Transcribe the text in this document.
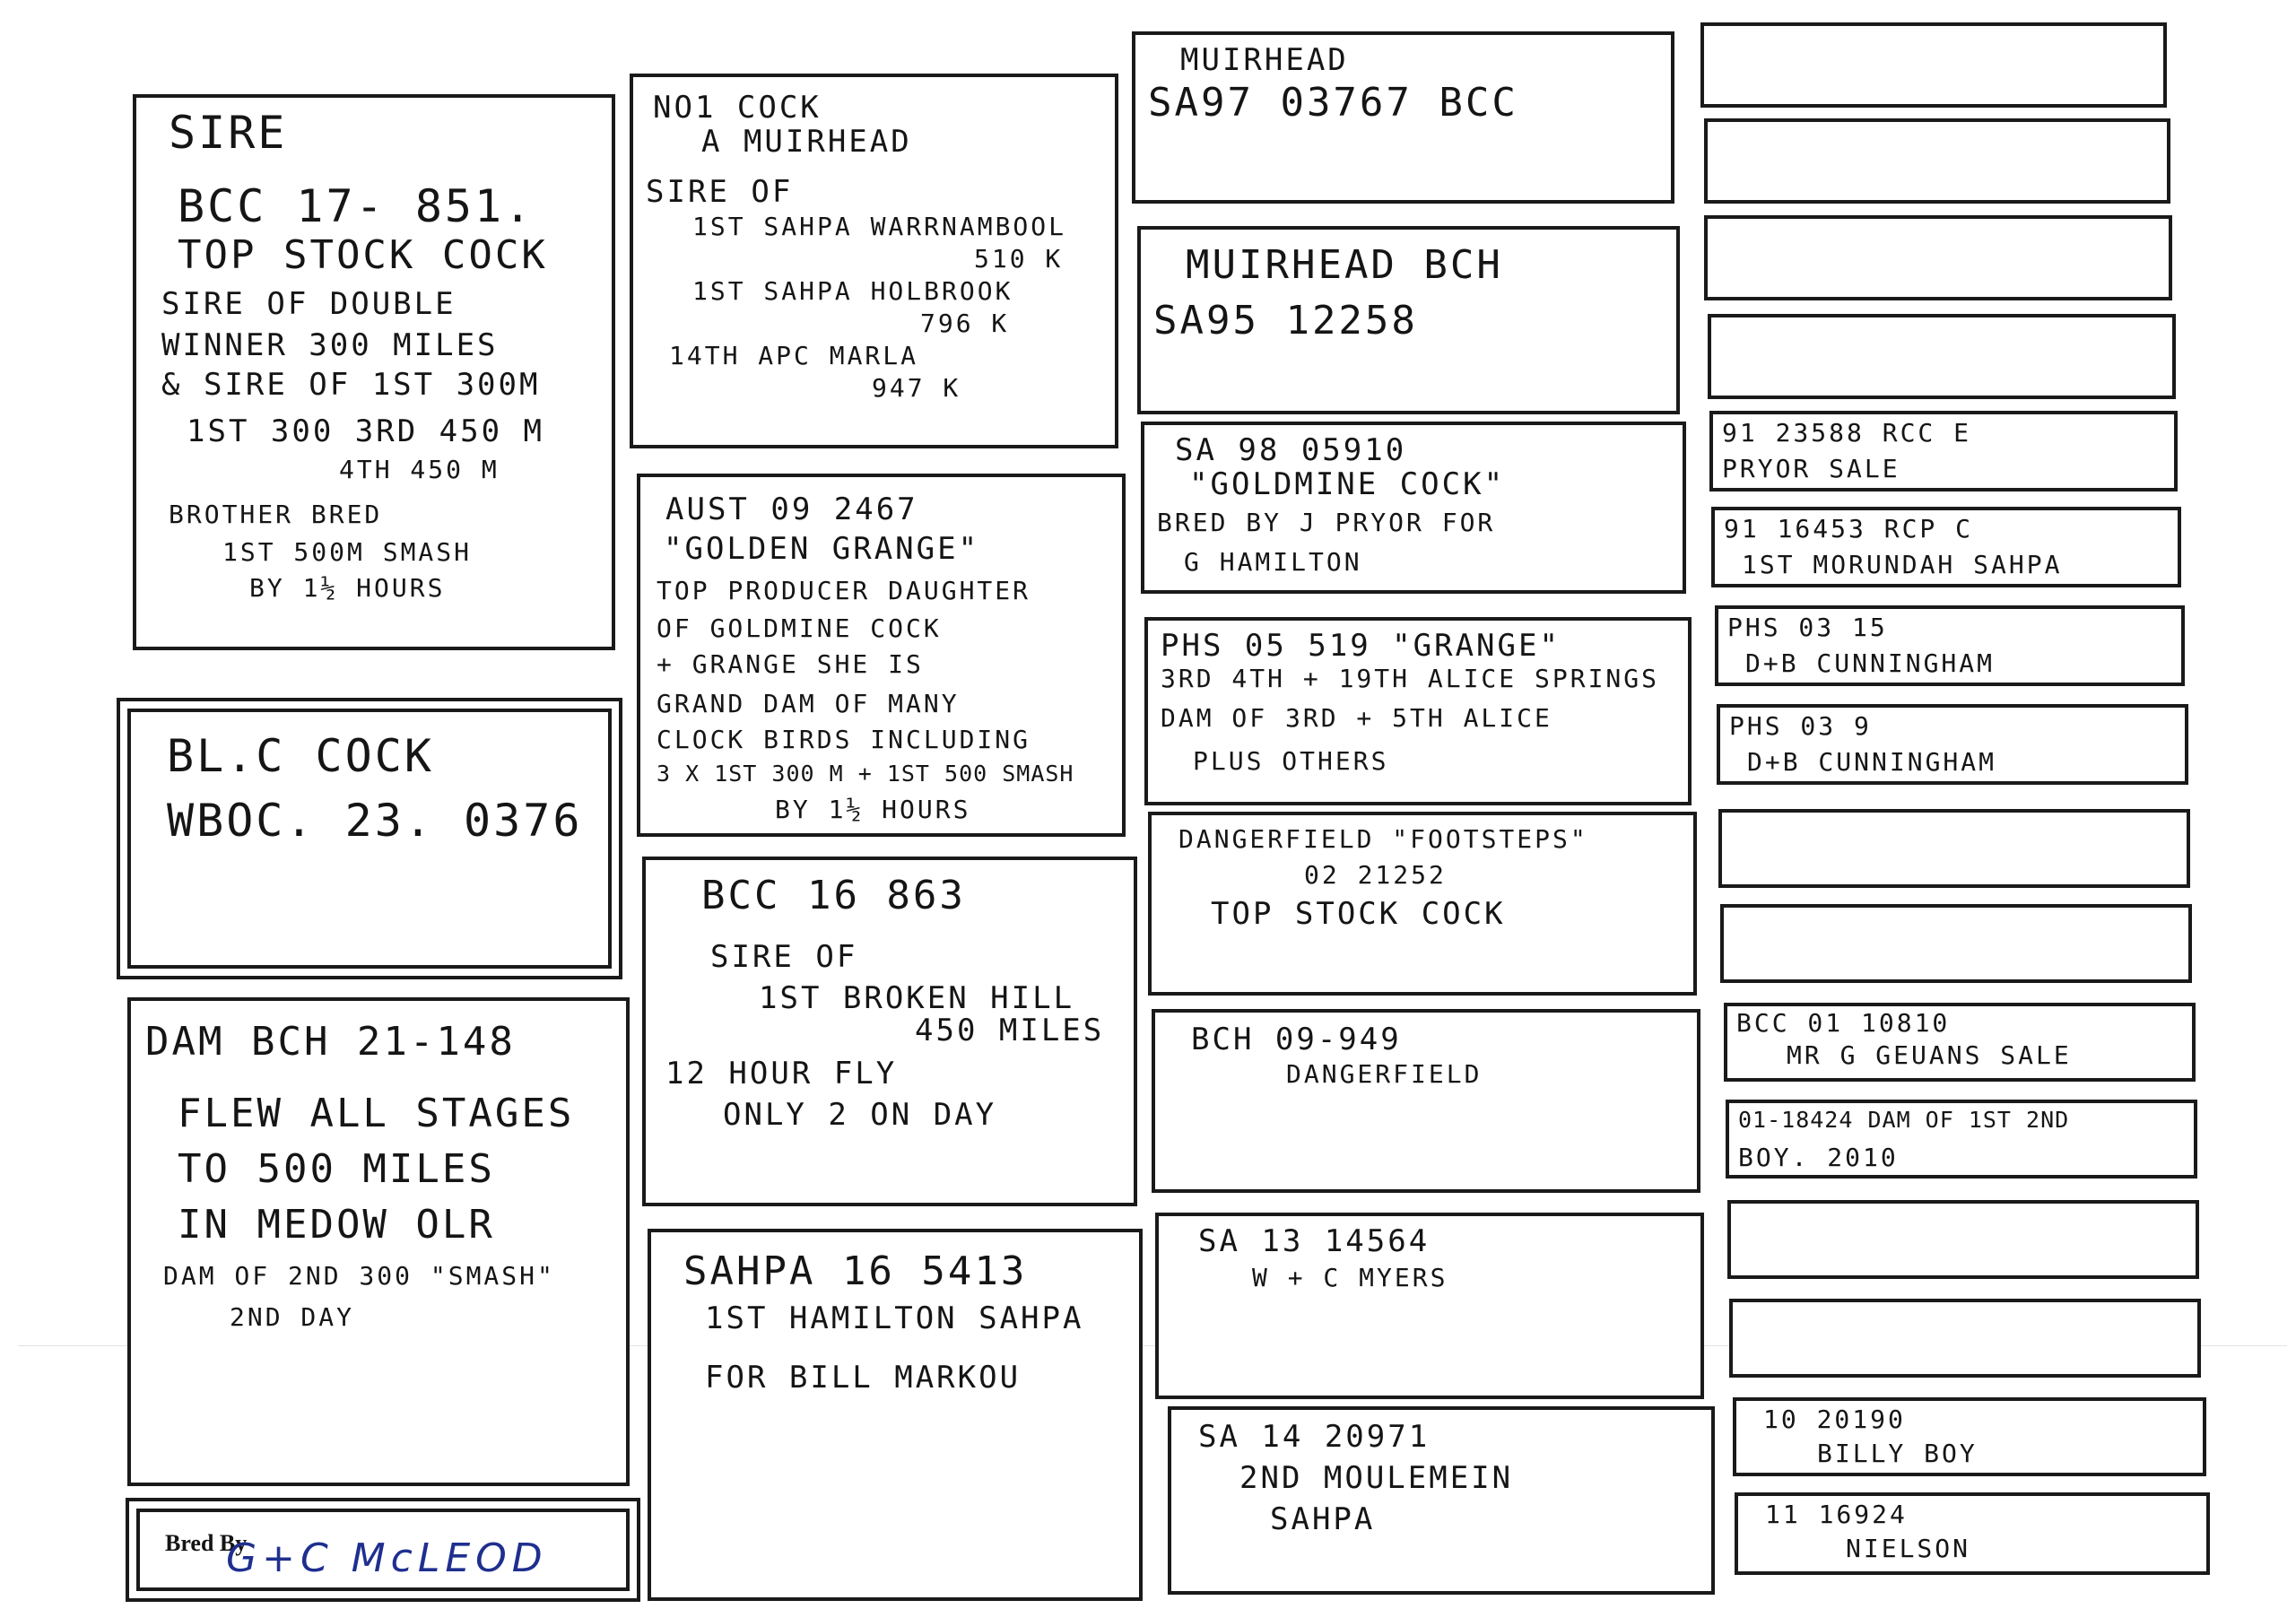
SIRE
BCC 17- 851.
TOP STOCK COCK
SIRE OF DOUBLE
WINNER 300 MILES
& SIRE OF 1ST 300M
1ST 300 3RD 450 M
4TH 450 M
BROTHER BRED
1ST 500M SMASH
BY 1½ HOURS
BL.C COCK
WBOC. 23. 0376
DAM BCH 21-148
FLEW ALL STAGES
TO 500 MILES
IN MEDOW OLR
DAM OF 2ND 300 "SMASH"
2ND DAY
Bred By
G+C McLEOD
NO1 COCK
A MUIRHEAD
SIRE OF
1ST SAHPA WARRNAMBOOL
510 K
1ST SAHPA HOLBROOK
796 K
14TH APC MARLA
947 K
AUST 09 2467
"GOLDEN GRANGE"
TOP PRODUCER DAUGHTER
OF GOLDMINE COCK
+ GRANGE SHE IS
GRAND DAM OF MANY
CLOCK BIRDS INCLUDING
3 X 1ST 300 M + 1ST 500 SMASH
BY 1½ HOURS
BCC 16 863
SIRE OF
1ST BROKEN HILL
450 MILES
12 HOUR FLY
ONLY 2 ON DAY
SAHPA 16 5413
1ST HAMILTON SAHPA
FOR BILL MARKOU
MUIRHEAD
SA97 03767 BCC
MUIRHEAD BCH
SA95 12258
SA 98 05910
"GOLDMINE COCK"
BRED BY J PRYOR FOR
G HAMILTON
PHS 05 519 "GRANGE"
3RD 4TH + 19TH ALICE SPRINGS
DAM OF 3RD + 5TH ALICE
PLUS OTHERS
DANGERFIELD "FOOTSTEPS"
02 21252
TOP STOCK COCK
BCH 09-949
DANGERFIELD
SA 13 14564
W + C MYERS
SA 14 20971
2ND MOULEMEIN
SAHPA
91 23588 RCC E
PRYOR SALE
91 16453 RCP C
1ST MORUNDAH SAHPA
PHS 03 15
D+B CUNNINGHAM
PHS 03 9
D+B CUNNINGHAM
BCC 01 10810
MR G GEUANS SALE
01-18424 DAM OF 1ST 2ND
BOY. 2010
10 20190
BILLY BOY
11 16924
NIELSON
